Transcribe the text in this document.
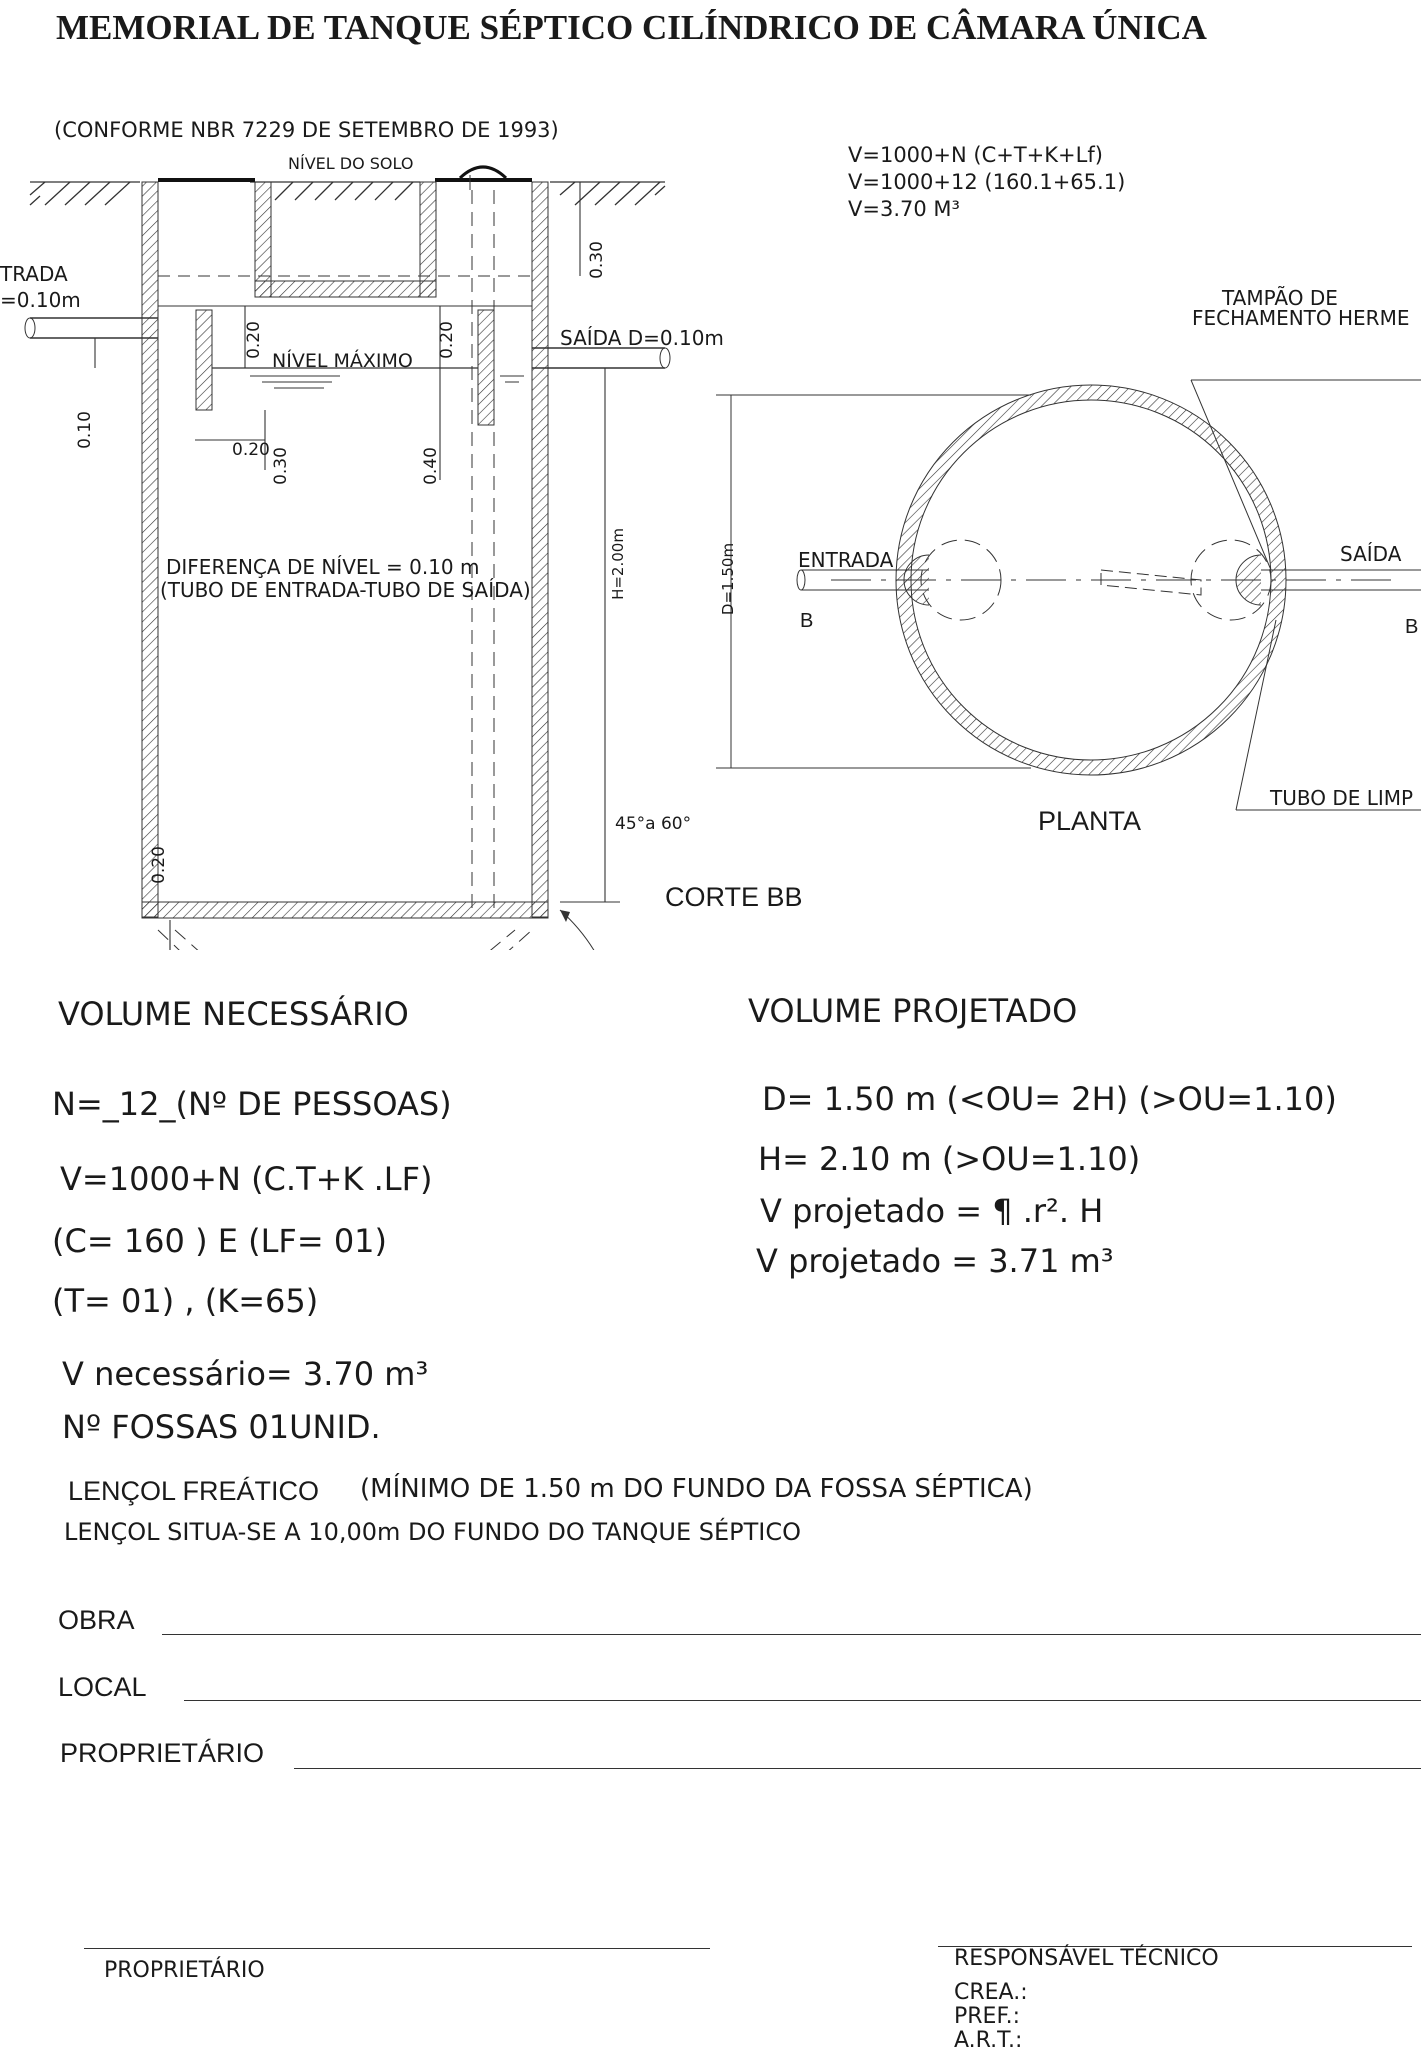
MEMORIAL DE TANQUE SÉPTICO CILÍNDRICO DE CÂMARA ÚNICA
(CONFORME NBR 7229 DE SETEMBRO DE 1993)
V=1000+N (C+T+K+Lf)
V=1000+12 (160.1+65.1)
V=3.70 M³
NÍVEL DO SOLO
TRADA
=0.10m
SAÍDA D=0.10m
NÍVEL MÁXIMO
0.30
0.20	0.20
0.10
0.20 0.30	0.40
H=2.00m
DIFERENÇA DE NÍVEL = 0.10 m
(TUBO DE ENTRADA-TUBO DE SAÍDA)
0.20
45°a 60°
CORTE BB
TAMPÃO DE
FECHAMENTO HERME
D=1.50m	ENTRADA	SAÍDA
B	B
TUBO DE LIMP
PLANTA
VOLUME NECESSÁRIO
N=_12_(Nº DE PESSOAS)
V=1000+N (C.T+K .LF)
(C= 160 ) E (LF= 01)
(T= 01) , (K=65)
V necessário= 3.70 m³
Nº FOSSAS 01UNID.
VOLUME PROJETADO
D= 1.50 m (<OU= 2H) (>OU=1.10)
H= 2.10 m (>OU=1.10)
V projetado = ¶ .r². H
V projetado = 3.71 m³
LENÇOL FREÁTICO (MÍNIMO DE 1.50 m DO FUNDO DA FOSSA SÉPTICA)
LENÇOL SITUA-SE A 10,00m DO FUNDO DO TANQUE SÉPTICO
OBRA
LOCAL
PROPRIETÁRIO
PROPRIETÁRIO	RESPONSÁVEL TÉCNICO
CREA.:
PREF.:
A.R.T.:
